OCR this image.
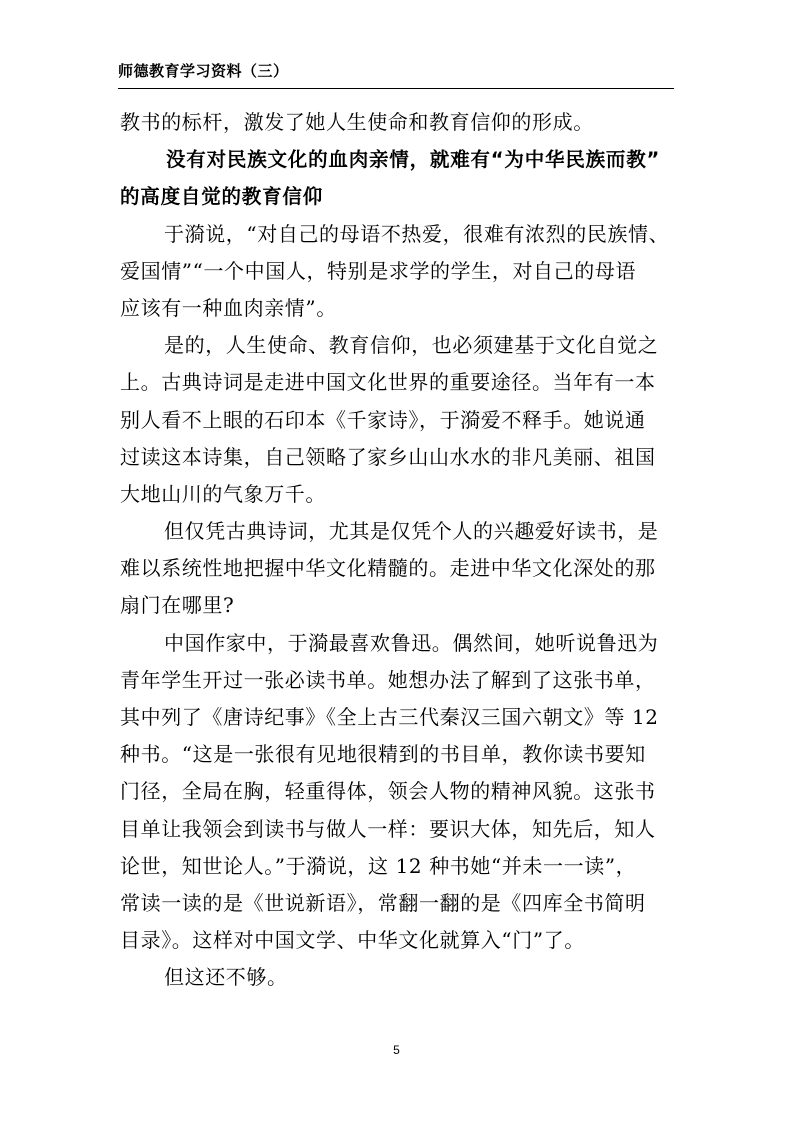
师德教育学习资料（三）
教书的标杆，激发了她人生使命和教育信仰的形成。
没有对民族文化的血肉亲情，就难有“为中华民族而教”
的高度自觉的教育信仰
于漪说，“对自己的母语不热爱，很难有浓烈的民族情、
爱国情”“一个中国人，特别是求学的学生，对自己的母语
应该有一种血肉亲情”。
是的，人生使命、教育信仰，也必须建基于文化自觉之
上。古典诗词是走进中国文化世界的重要途径。当年有一本
别人看不上眼的石印本《千家诗》，于漪爱不释手。她说通
过读这本诗集，自己领略了家乡山山水水的非凡美丽、祖国
大地山川的气象万千。
但仅凭古典诗词，尤其是仅凭个人的兴趣爱好读书，是
难以系统性地把握中华文化精髓的。走进中华文化深处的那
扇门在哪里?
中国作家中，于漪最喜欢鲁迅。偶然间，她听说鲁迅为
青年学生开过一张必读书单。她想办法了解到了这张书单，
其中列了《唐诗纪事》《全上古三代秦汉三国六朝文》等 12
种书。“这是一张很有见地很精到的书目单，教你读书要知
门径，全局在胸，轻重得体，领会人物的精神风貌。这张书
目单让我领会到读书与做人一样：要识大体，知先后，知人
论世，知世论人。”于漪说，这 12 种书她“并未一一读”，
常读一读的是《世说新语》，常翻一翻的是《四库全书简明
目录》。这样对中国文学、中华文化就算入“门”了。
但这还不够。
5
